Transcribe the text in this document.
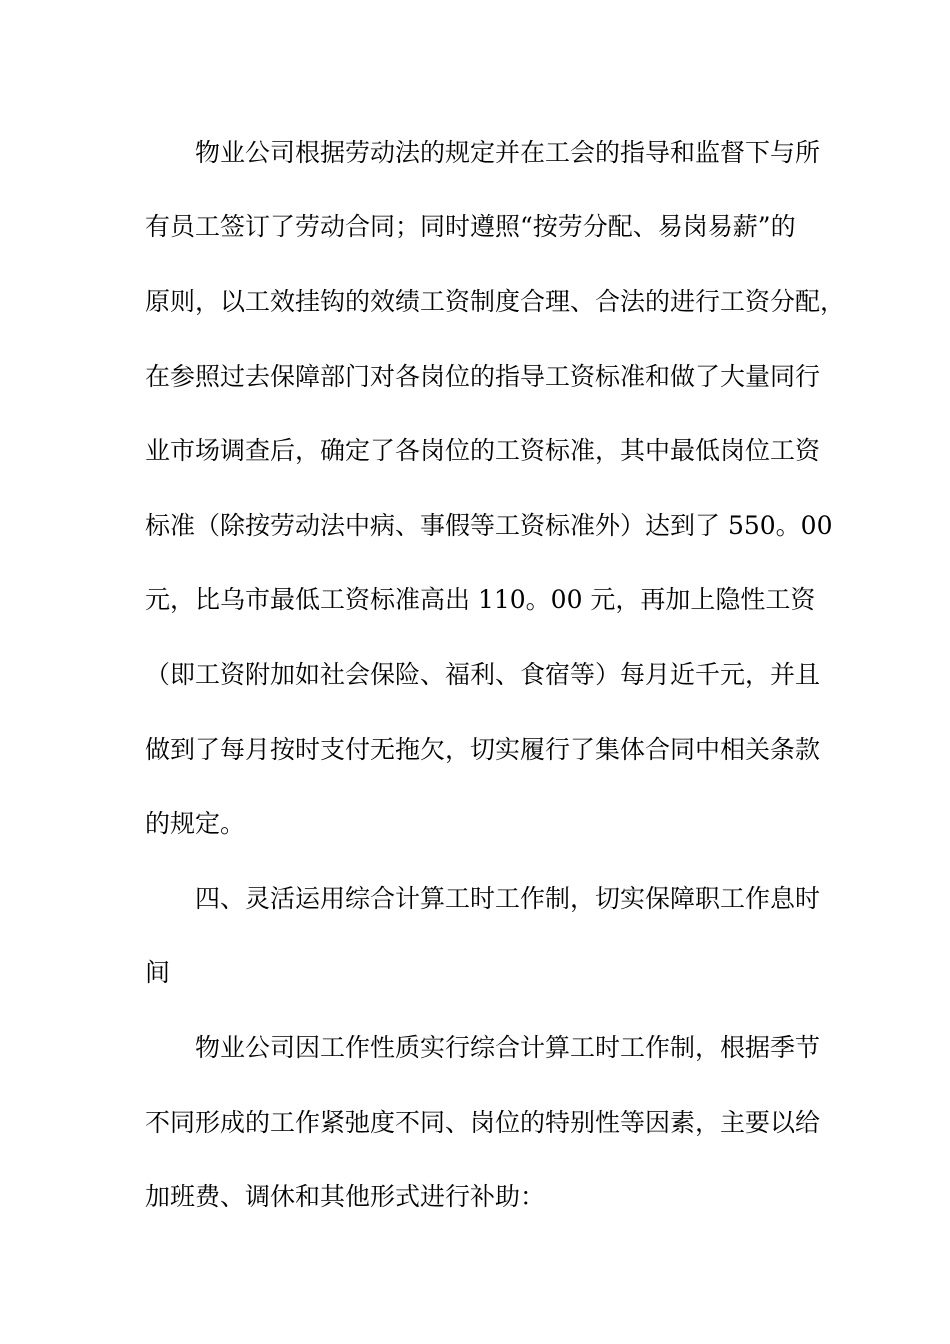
　　物业公司根据劳动法的规定并在工会的指导和监督下与所
有员工签订了劳动合同；同时遵照“按劳分配、易岗易薪”的
原则，以工效挂钩的效绩工资制度合理、合法的进行工资分配，
在参照过去保障部门对各岗位的指导工资标准和做了大量同行
业市场调查后，确定了各岗位的工资标准，其中最低岗位工资
标准（除按劳动法中病、事假等工资标准外）达到了 550。00
元，比乌市最低工资标准高出 110。00 元，再加上隐性工资
（即工资附加如社会保险、福利、食宿等）每月近千元，并且
做到了每月按时支付无拖欠，切实履行了集体合同中相关条款
的规定。
　　四、灵活运用综合计算工时工作制，切实保障职工作息时
间
　　物业公司因工作性质实行综合计算工时工作制，根据季节
不同形成的工作紧弛度不同、岗位的特别性等因素，主要以给
加班费、调休和其他形式进行补助：
